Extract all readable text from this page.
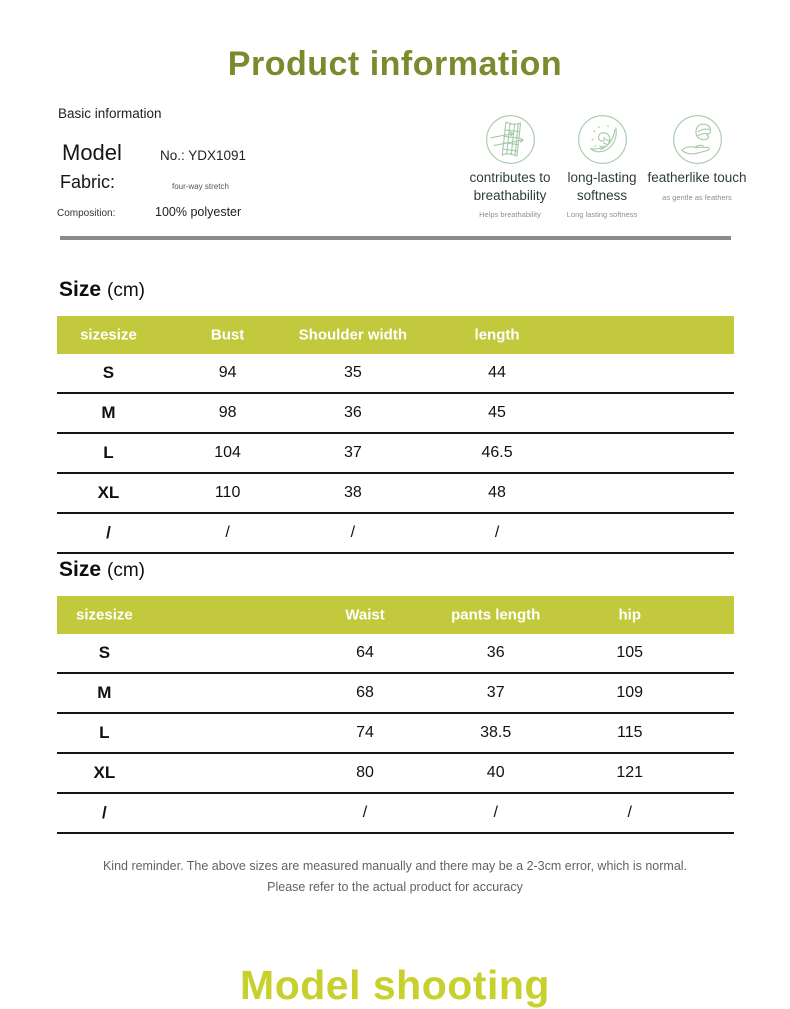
Product information
Basic information
Model	No.: YDX1091
Fabric:	four-way stretch
Composition:	100% polyester
contributes to breathability
Helps breathability
long-lasting softness
Long lasting softness
featherlike touch
as gentle as feathers
Size (cm)
sizesize	Bust	Shoulder width	length
S	94	35	44
M	98	36	45
L	104	37	46.5
XL	110	38	48
/	/	/	/
Size (cm)
sizesize	Waist	pants length	hip
S	64	36	105
M	68	37	109
L	74	38.5	115
XL	80	40	121
/	/	/	/

Kind reminder. The above sizes are measured manually and there may be a 2-3cm error, which is normal. Please refer to the actual product for accuracy

Model shooting
